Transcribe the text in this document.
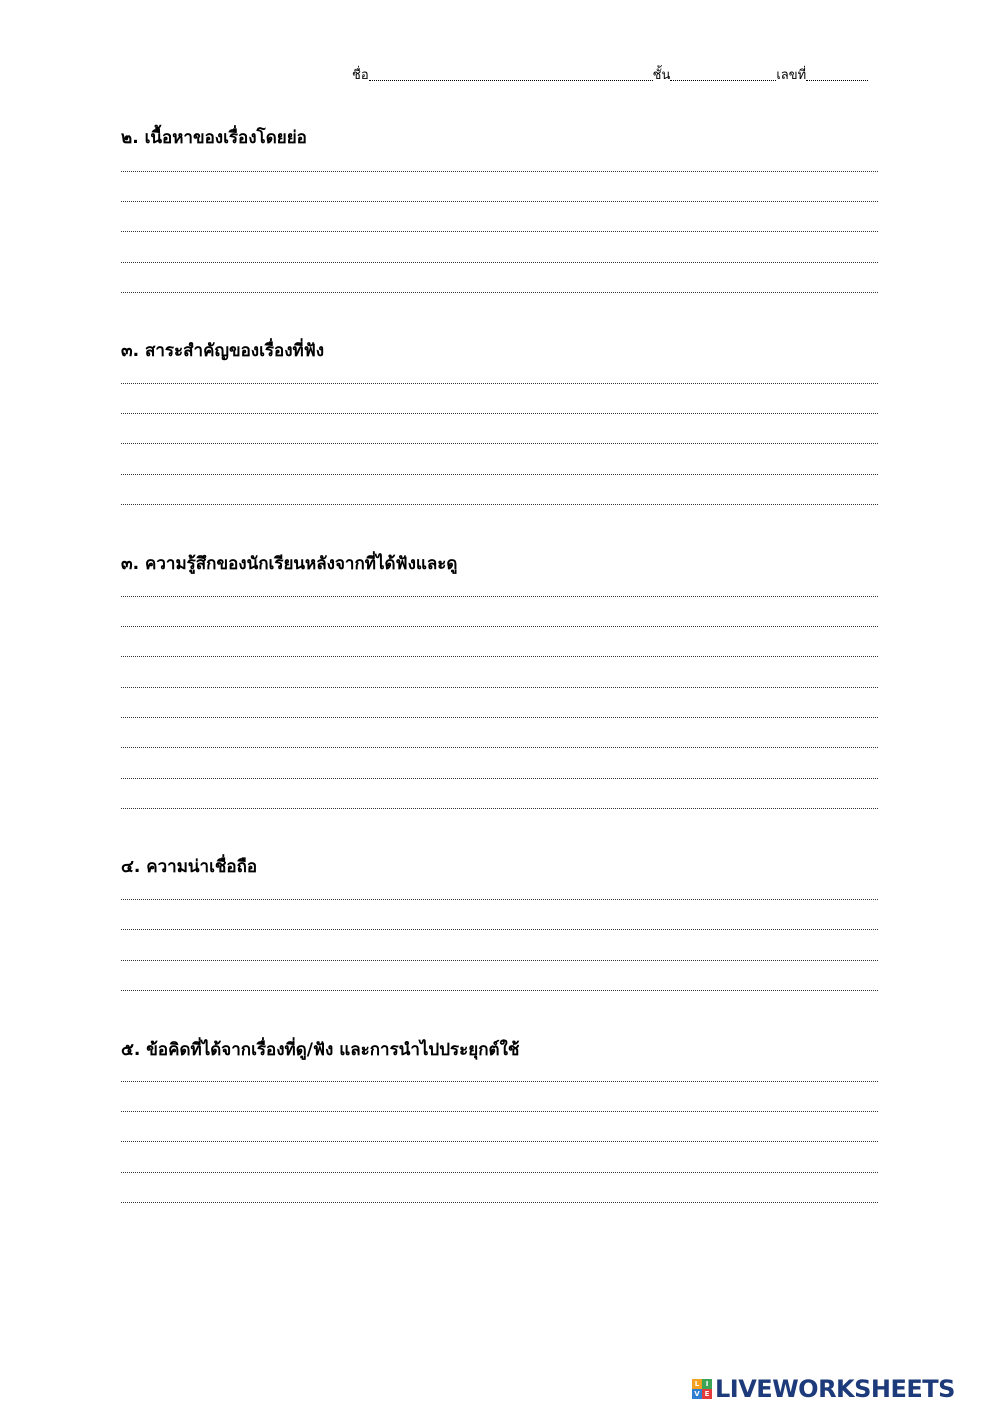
ชื่อ	ชั้น	เลขที่
๒. เนื้อหาของเรื่องโดยย่อ
๓. สาระสำคัญของเรื่องที่ฟัง
๓. ความรู้สึกของนักเรียนหลังจากที่ได้ฟังและดู
๔. ความน่าเชื่อถือ
๕. ข้อคิดที่ได้จากเรื่องที่ดู/ฟัง และการนำไปประยุกต์ใช้
L I
V E LIVEWORKSHEETS
